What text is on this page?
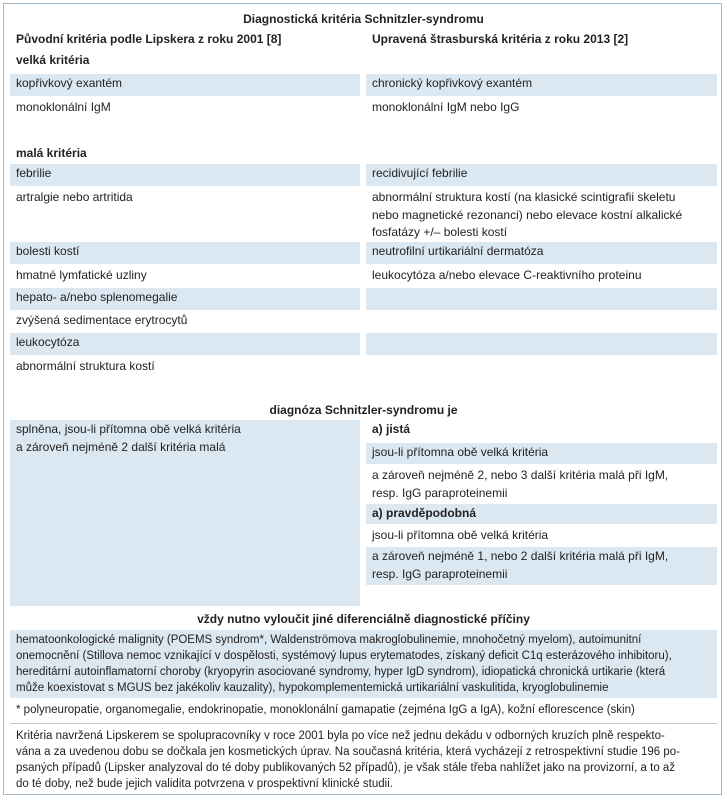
Diagnostická kritéria Schnitzler-syndromu
Původní kritéria podle Lipskera z roku 2001 [8]	Upravená štrasburská kritéria z roku 2013 [2]
velká kritéria
kopřivkový exantém	chronický kopřivkový exantém
monoklonální IgM	monoklonální IgM nebo IgG
malá kritéria
febrilie	recidivující febrilie
artralgie nebo artritida	abnormální struktura kostí (na klasické scintigrafii skeletu
nebo magnetické rezonanci) nebo elevace kostní alkalické
fosfatázy +/– bolesti kostí
bolesti kostí	neutrofilní urtikariální dermatóza
hmatné lymfatické uzliny	leukocytóza a/nebo elevace C-reaktivního proteinu
hepato- a/nebo splenomegalie
zvýšená sedimentace erytrocytů
leukocytóza
abnormální struktura kostí
diagnóza Schnitzler-syndromu je
splněna, jsou-li přítomna obě velká kritéria
a zároveň nejméně 2 další kritéria malá
a) jistá
jsou-li přítomna obě velká kritéria
a zároveň nejméně 2, nebo 3 další kritéria malá při IgM,
resp. IgG paraproteinemii
a) pravděpodobná
jsou-li přítomna obě velká kritéria
a zároveň nejméně 1, nebo 2 další kritéria malá při IgM,
resp. IgG paraproteinemii
vždy nutno vyloučit jiné diferenciálně diagnostické příčiny
hematoonkologické malignity (POEMS syndrom*, Waldenströmova makroglobulinemie, mnohočetný myelom), autoimunitní
onemocnění (Stillova nemoc vznikající v dospělosti, systémový lupus erytematodes, získaný deficit C1q esterázového inhibitoru),
hereditární autoinflamatorní choroby (kryopyrin asociované syndromy, hyper IgD syndrom), idiopatická chronická urtikarie (která
může koexistovat s MGUS bez jakékoliv kauzality), hypokomplementemická urtikariální vaskulitida, kryoglobulinemie
* polyneuropatie, organomegalie, endokrinopatie, monoklonální gamapatie (zejména IgG a IgA), kožní eflorescence (skin)
Kritéria navržená Lipskerem se spolupracovníky v roce 2001 byla po více než jednu dekádu v odborných kruzích plně respekto-
vána a za uvedenou dobu se dočkala jen kosmetických úprav. Na současná kritéria, která vycházejí z retrospektivní studie 196 po-
psaných případů (Lipsker analyzoval do té doby publikovaných 52 případů), je však stále třeba nahlížet jako na provizorní, a to až
do té doby, než bude jejich validita potvrzena v prospektivní klinické studii.
